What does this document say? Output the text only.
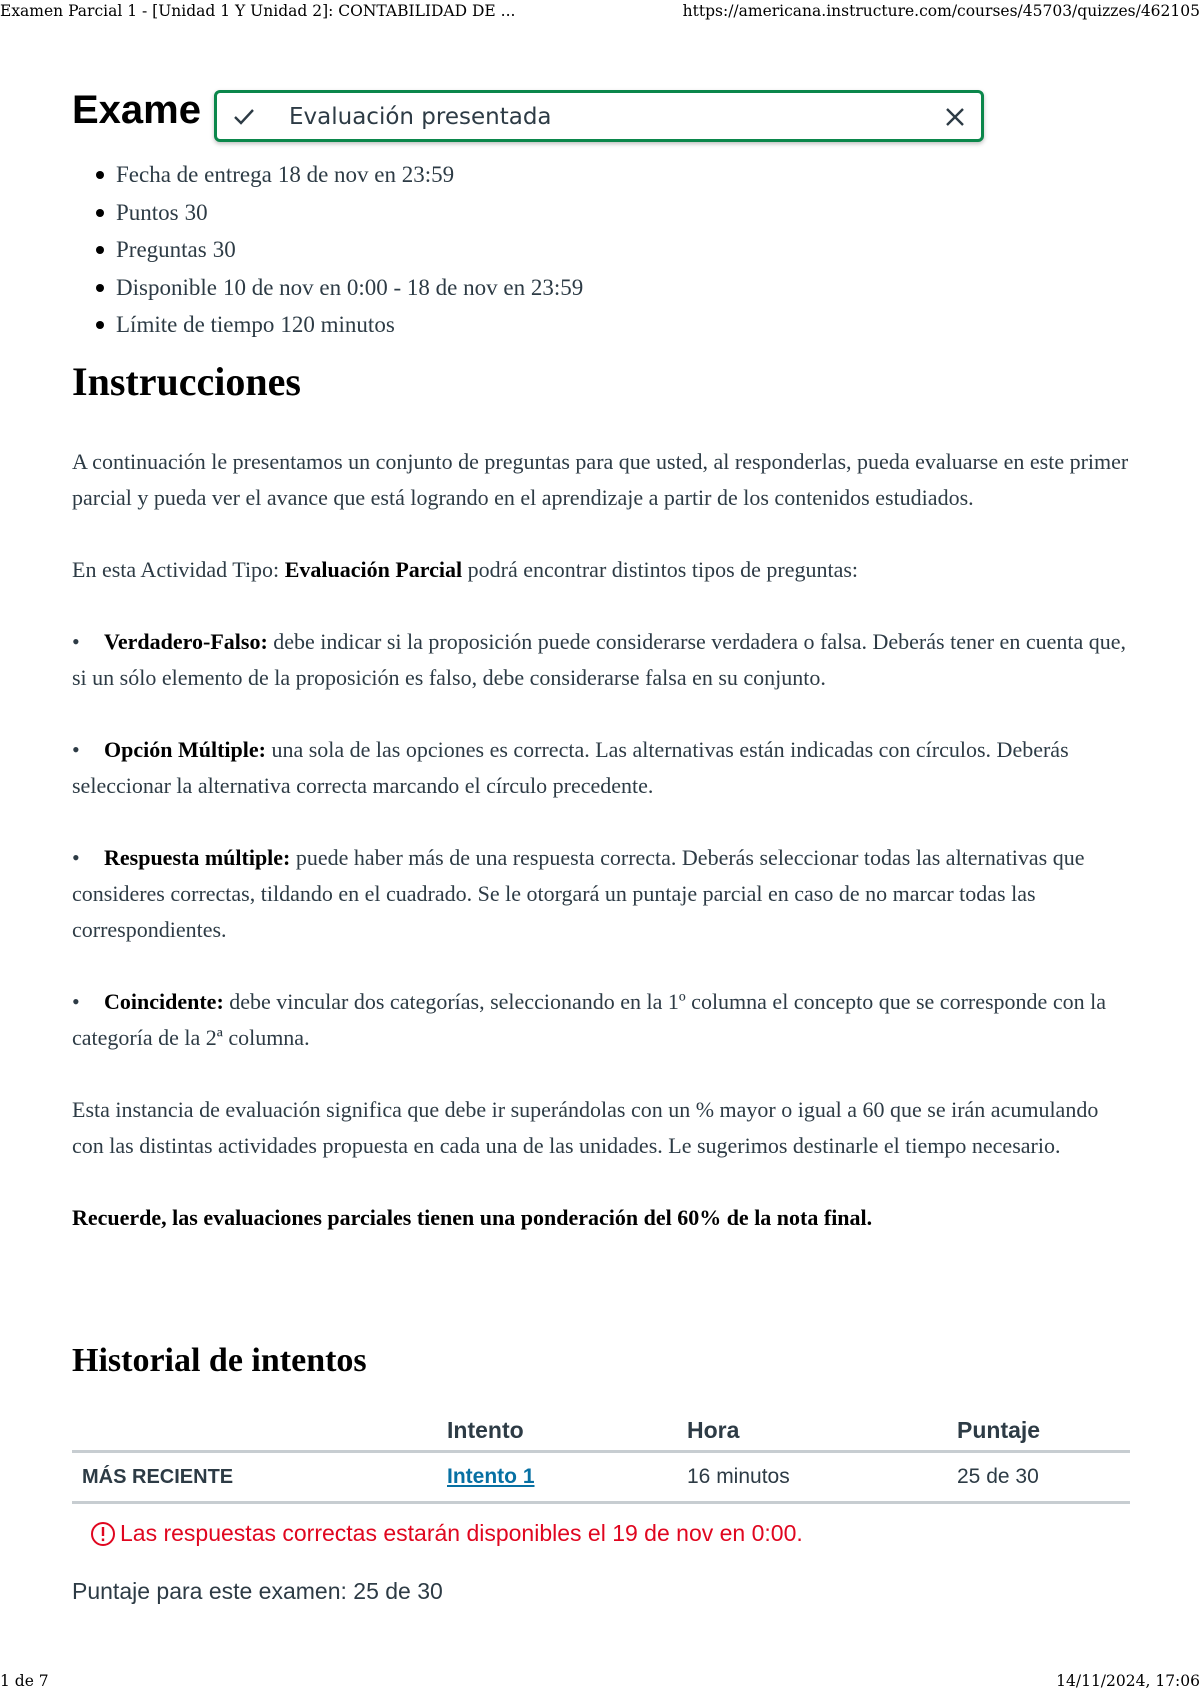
Examen Parcial 1 - [Unidad 1 Y Unidad 2]: CONTABILIDAD DE ...	https://americana.instructure.com/courses/45703/quizzes/462105
Exame	Evaluación presentada
Fecha de entrega 18 de nov en 23:59
Puntos 30
Preguntas 30
Disponible 10 de nov en 0:00 - 18 de nov en 23:59
Límite de tiempo 120 minutos
Instrucciones

A continuación le presentamos un conjunto de preguntas para que usted, al responderlas, pueda evaluarse en este primer parcial y pueda ver el avance que está logrando en el aprendizaje a partir de los contenidos estudiados.

En esta Actividad Tipo: Evaluación Parcial podrá encontrar distintos tipos de preguntas:

• Verdadero-Falso: debe indicar si la proposición puede considerarse verdadera o falsa. Deberás tener en cuenta que, si un sólo elemento de la proposición es falso, debe considerarse falsa en su conjunto.

• Opción Múltiple: una sola de las opciones es correcta. Las alternativas están indicadas con círculos. Deberás seleccionar la alternativa correcta marcando el círculo precedente.

• Respuesta múltiple: puede haber más de una respuesta correcta. Deberás seleccionar todas las alternativas que consideres correctas, tildando en el cuadrado. Se le otorgará un puntaje parcial en caso de no marcar todas las correspondientes.

• Coincidente: debe vincular dos categorías, seleccionando en la 1º columna el concepto que se corresponde con la categoría de la 2ª columna.

Esta instancia de evaluación significa que debe ir superándolas con un % mayor o igual a 60 que se irán acumulando con las distintas actividades propuesta en cada una de las unidades. Le sugerimos destinarle el tiempo necesario.

Recuerde, las evaluaciones parciales tienen una ponderación del 60% de la nota final.

Historial de intentos
	Intento	Hora	Puntaje
MÁS RECIENTE	Intento 1	16 minutos	25 de 30
Las respuestas correctas estarán disponibles el 19 de nov en 0:00.
Puntaje para este examen: 25 de 30
1 de 7	14/11/2024, 17:06
